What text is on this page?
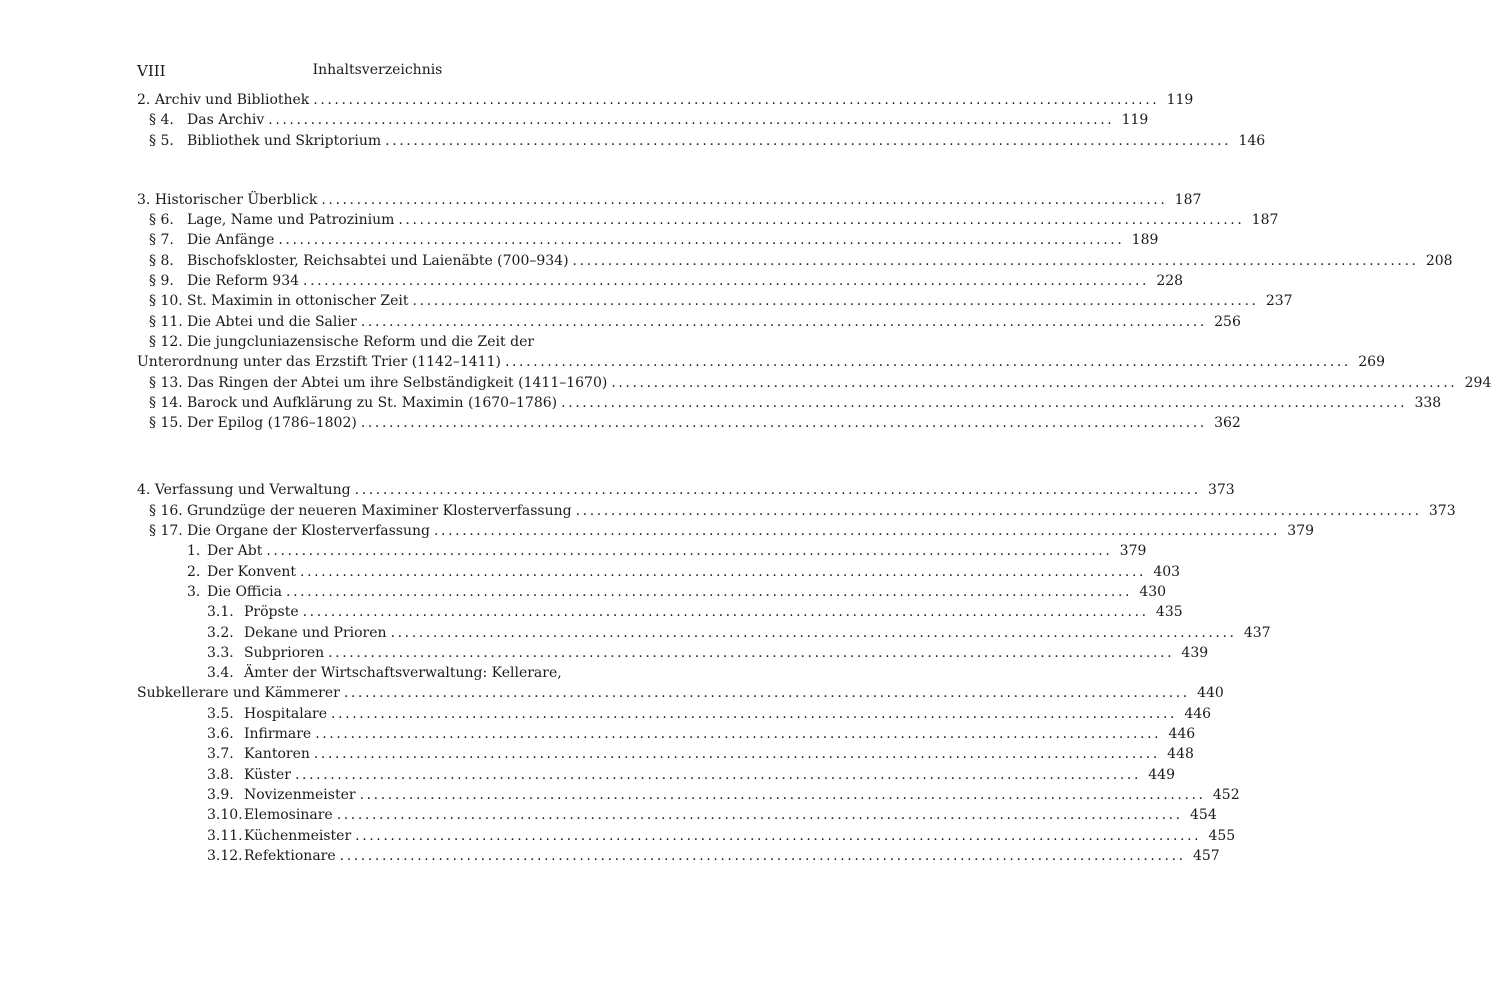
VIII	Inhaltsverzeichnis
2.
Archiv und Bibliothek ........................................................................................................................ 119
§ 4. Das Archiv ........................................................................................................................ 119
§ 5. Bibliothek und Skriptorium ........................................................................................................................ 146
3.
Historischer Überblick ........................................................................................................................ 187
§ 6. Lage, Name und Patrozinium ........................................................................................................................ 187
§ 7. Die Anfänge ........................................................................................................................ 189
§ 8. Bischofskloster, Reichsabtei und Laienäbte (700–934) ........................................................................................................................ 208
§ 9. Die Reform 934 ........................................................................................................................ 228
§ 10. St. Maximin in ottonischer Zeit ........................................................................................................................ 237
§ 11. Die Abtei und die Salier ........................................................................................................................ 256
§ 12. Die jungcluniazensische Reform und die Zeit der
Unterordnung unter das Erzstift Trier (1142–1411) ........................................................................................................................ 269
§ 13. Das Ringen der Abtei um ihre Selbständigkeit (1411–1670) ........................................................................................................................ 294
§ 14. Barock und Aufklärung zu St. Maximin (1670–1786) ........................................................................................................................ 338
§ 15. Der Epilog (1786–1802) ........................................................................................................................ 362
4.
Verfassung und Verwaltung ........................................................................................................................ 373
§ 16. Grundzüge der neueren Maximiner Klosterverfassung ........................................................................................................................ 373
§ 17. Die Organe der Klosterverfassung ........................................................................................................................ 379
1. Der Abt ........................................................................................................................ 379
2. Der Konvent ........................................................................................................................ 403
3. Die Officia ........................................................................................................................ 430
3.1. Pröpste ........................................................................................................................ 435
3.2. Dekane und Prioren ........................................................................................................................ 437
3.3. Subprioren ........................................................................................................................ 439
3.4. Ämter der Wirtschaftsverwaltung: Kellerare,
Subkellerare und Kämmerer ........................................................................................................................ 440
3.5. Hospitalare ........................................................................................................................ 446
3.6. Infirmare ........................................................................................................................ 446
3.7. Kantoren ........................................................................................................................ 448
3.8. Küster ........................................................................................................................ 449
3.9. Novizenmeister ........................................................................................................................ 452
3.10. Elemosinare ........................................................................................................................ 454
3.11. Küchenmeister ........................................................................................................................ 455
3.12. Refektionare ........................................................................................................................ 457
